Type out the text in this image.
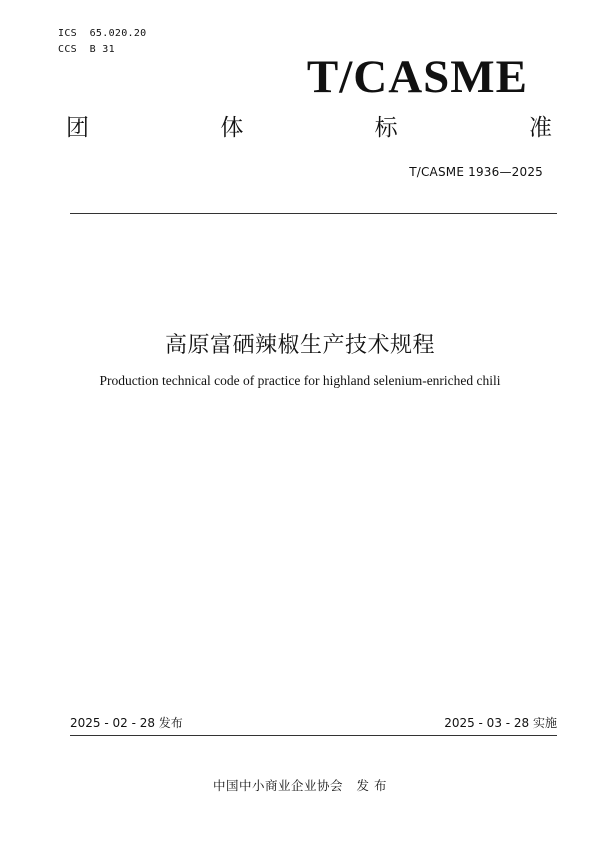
ICS  65.020.20
CCS  B 31
T/CASME
团	体	标	准
T/CASME 1936—2025
高原富硒辣椒生产技术规程
Production technical code of practice for highland selenium-enriched chili
2025 - 02 - 28 发布	2025 - 03 - 28 实施
中国中小商业企业协会   发 布
